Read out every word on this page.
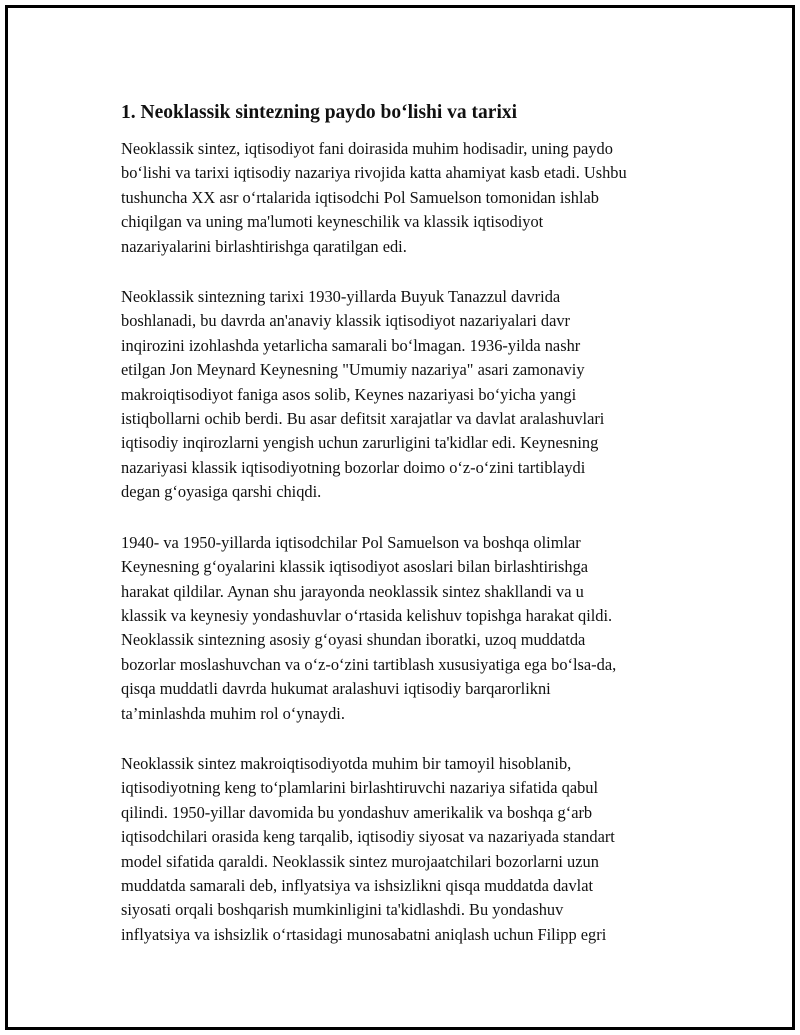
1. Neoklassik sintezning paydo bo‘lishi va tarixi

Neoklassik sintez, iqtisodiyot fani doirasida muhim hodisadir, uning paydo
bo‘lishi va tarixi iqtisodiy nazariya rivojida katta ahamiyat kasb etadi. Ushbu
tushuncha XX asr o‘rtalarida iqtisodchi Pol Samuelson tomonidan ishlab
chiqilgan va uning ma'lumoti keyneschilik va klassik iqtisodiyot
nazariyalarini birlashtirishga qaratilgan edi.

Neoklassik sintezning tarixi 1930-yillarda Buyuk Tanazzul davrida
boshlanadi, bu davrda an'anaviy klassik iqtisodiyot nazariyalari davr
inqirozini izohlashda yetarlicha samarali bo‘lmagan. 1936-yilda nashr
etilgan Jon Meynard Keynesning "Umumiy nazariya" asari zamonaviy
makroiqtisodiyot faniga asos solib, Keynes nazariyasi bo‘yicha yangi
istiqbollarni ochib berdi. Bu asar defitsit xarajatlar va davlat aralashuvlari
iqtisodiy inqirozlarni yengish uchun zarurligini ta'kidlar edi. Keynesning
nazariyasi klassik iqtisodiyotning bozorlar doimo o‘z-o‘zini tartiblaydi
degan g‘oyasiga qarshi chiqdi.

1940- va 1950-yillarda iqtisodchilar Pol Samuelson va boshqa olimlar
Keynesning g‘oyalarini klassik iqtisodiyot asoslari bilan birlashtirishga
harakat qildilar. Aynan shu jarayonda neoklassik sintez shakllandi va u
klassik va keynesiy yondashuvlar o‘rtasida kelishuv topishga harakat qildi.
Neoklassik sintezning asosiy g‘oyasi shundan iboratki, uzoq muddatda
bozorlar moslashuvchan va o‘z-o‘zini tartiblash xususiyatiga ega bo‘lsa-da,
qisqa muddatli davrda hukumat aralashuvi iqtisodiy barqarorlikni
ta’minlashda muhim rol o‘ynaydi.

Neoklassik sintez makroiqtisodiyotda muhim bir tamoyil hisoblanib,
iqtisodiyotning keng to‘plamlarini birlashtiruvchi nazariya sifatida qabul
qilindi. 1950-yillar davomida bu yondashuv amerikalik va boshqa g‘arb
iqtisodchilari orasida keng tarqalib, iqtisodiy siyosat va nazariyada standart
model sifatida qaraldi. Neoklassik sintez murojaatchilari bozorlarni uzun
muddatda samarali deb, inflyatsiya va ishsizlikni qisqa muddatda davlat
siyosati orqali boshqarish mumkinligini ta'kidlashdi. Bu yondashuv
inflyatsiya va ishsizlik o‘rtasidagi munosabatni aniqlash uchun Filipp egri
